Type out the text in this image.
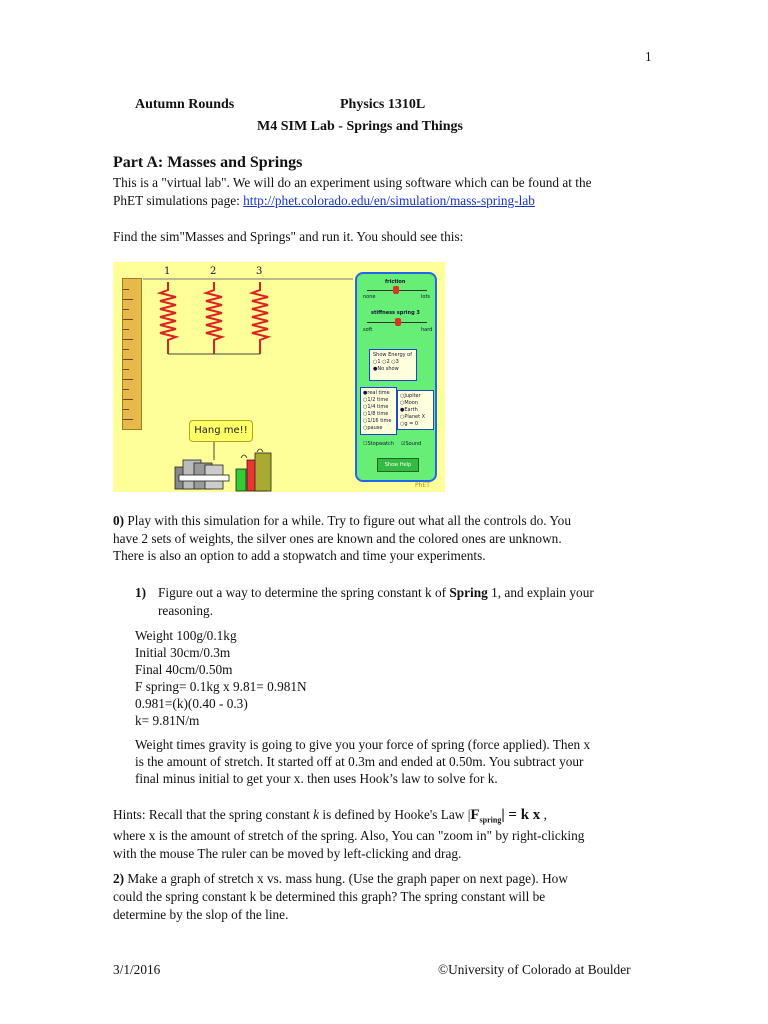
1
Autumn Rounds	Physics 1310L
M4 SIM Lab - Springs and Things
Part A: Masses and Springs
This is a "virtual lab". We will do an experiment using software which can be found at the
PhET simulations page: http://phet.colorado.edu/en/simulation/mass-spring-lab
Find the sim"Masses and Springs" and run it. You should see this:
1	2	3
Hang me!!
friction
none	lots
stiffness spring 3
soft	hard
Show Energy of
○1 ○2 ○3
●No show
●real time
○1/2 time
○1/4 time
○1/8 time
○1/16 time
○pause
○Jupiter
○Moon
●Earth
○Planet X
○g = 0
☐Stopwatch ☑Sound
Show Help
PhET
0) Play with this simulation for a while. Try to figure out what all the controls do. You
have 2 sets of weights, the silver ones are known and the colored ones are unknown.
There is also an option to add a stopwatch and time your experiments.
1) Figure out a way to determine the spring constant k of Spring 1, and explain your
reasoning.
Weight 100g/0.1kg
Initial 30cm/0.3m
Final 40cm/0.50m
F spring= 0.1kg x 9.81= 0.981N
0.981=(k)(0.40 - 0.3)
k= 9.81N/m
Weight times gravity is going to give you your force of spring (force applied). Then x
is the amount of stretch. It started off at 0.3m and ended at 0.50m. You subtract your
final minus initial to get your x. then uses Hook’s law to solve for k.
Hints: Recall that the spring constant k is defined by Hooke's Law $|F_{spring}| = k$ x ,
where x is the amount of stretch of the spring. Also, You can "zoom in" by right-clicking
with the mouse The ruler can be moved by left-clicking and drag.
2) Make a graph of stretch x vs. mass hung. (Use the graph paper on next page). How
could the spring constant k be determined this graph? The spring constant will be
determine by the slop of the line.
3/1/2016	©University of Colorado at Boulder
